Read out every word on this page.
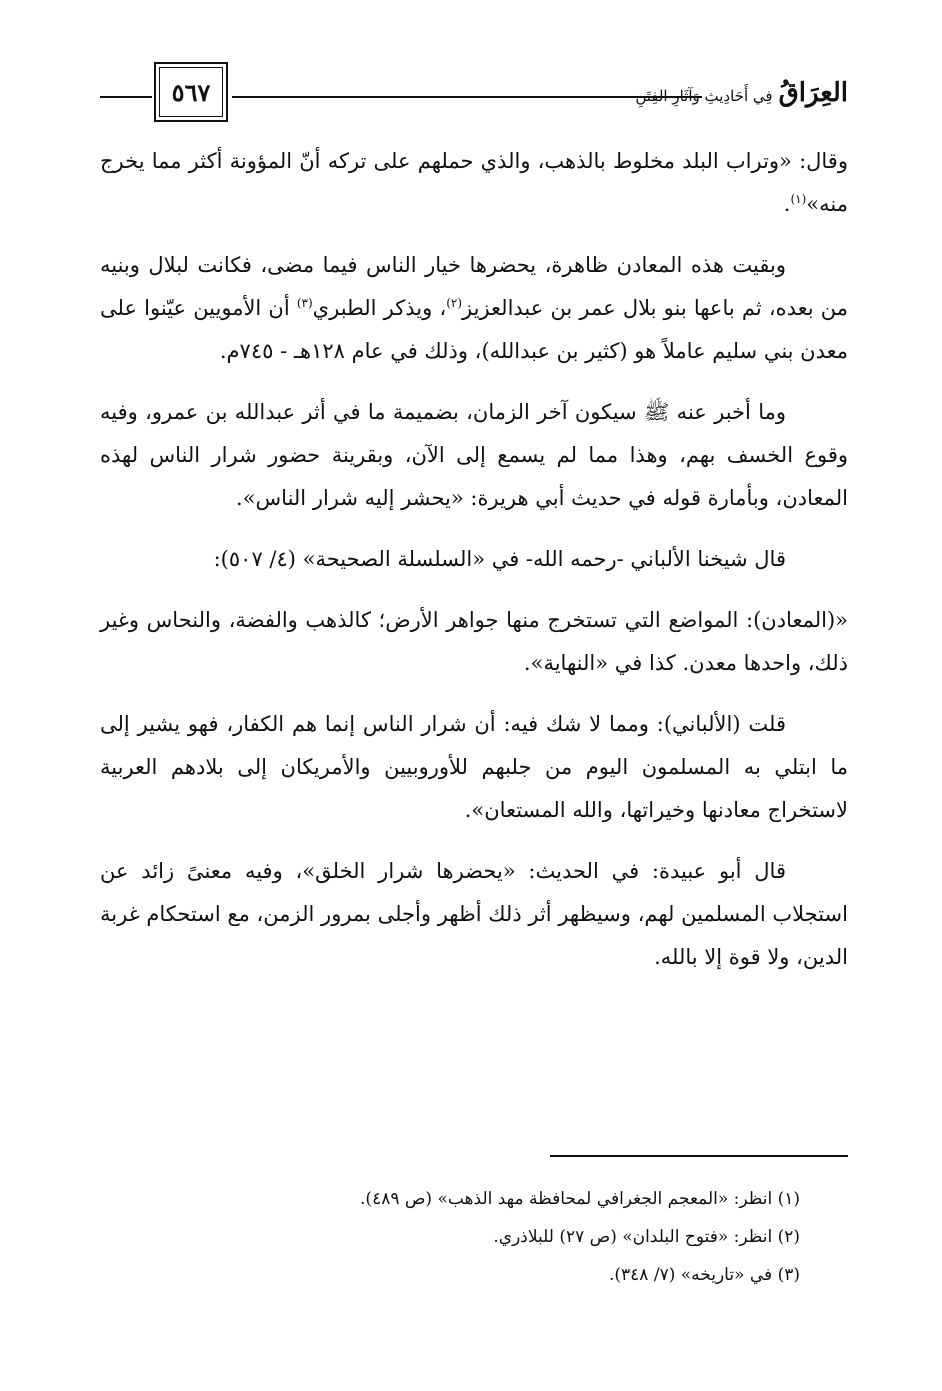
٥٦٧	العِرَاقُ
فِي أَحَادِيثِ وَآثَارِ الفِتَنِ

وقال: «وتراب البلد مخلوط بالذهب، والذي حملهم على تركه أنّ المؤونة أكثر مما يخرج منه»$^{(١)}$.

وبقيت هذه المعادن ظاهرة، يحضرها خيار الناس فيما مضى، فكانت لبلال وبنيه من بعده، ثم باعها بنو بلال عمر بن عبدالعزيز$^{(٢)}$، ويذكر الطبري$^{(٣)}$ أن الأمويين عيّنوا على معدن بني سليم عاملاً هو (كثير بن عبدالله)، وذلك في عام ١٢٨هـ - ٧٤٥م.

وما أخبر عنه ﷺ سيكون آخر الزمان، بضميمة ما في أثر عبدالله بن عمرو، وفيه وقوع الخسف بهم، وهذا مما لم يسمع إلى الآن، وبقرينة حضور شرار الناس لهذه المعادن، وبأمارة قوله في حديث أبي هريرة: «يحشر إليه شرار الناس».

قال شيخنا الألباني -رحمه الله- في «السلسلة الصحيحة» (٤/ ٥٠٧):

«(المعادن): المواضع التي تستخرج منها جواهر الأرض؛ كالذهب والفضة، والنحاس وغير ذلك، واحدها معدن. كذا في «النهاية».

قلت (الألباني): ومما لا شك فيه: أن شرار الناس إنما هم الكفار، فهو يشير إلى ما ابتلي به المسلمون اليوم من جلبهم للأوروبيين والأمريكان إلى بلادهم العربية لاستخراج معادنها وخيراتها، والله المستعان».

قال أبو عبيدة: في الحديث: «يحضرها شرار الخلق»، وفيه معنىً زائد عن استجلاب المسلمين لهم، وسيظهر أثر ذلك أظهر وأجلى بمرور الزمن، مع استحكام غربة الدين، ولا قوة إلا بالله.

(١) انظر: «المعجم الجغرافي لمحافظة مهد الذهب» (ص ٤٨٩).

(٢) انظر: «فتوح البلدان» (ص ٢٧) للبلاذري.

(٣) في «تاريخه» (٧/ ٣٤٨).
